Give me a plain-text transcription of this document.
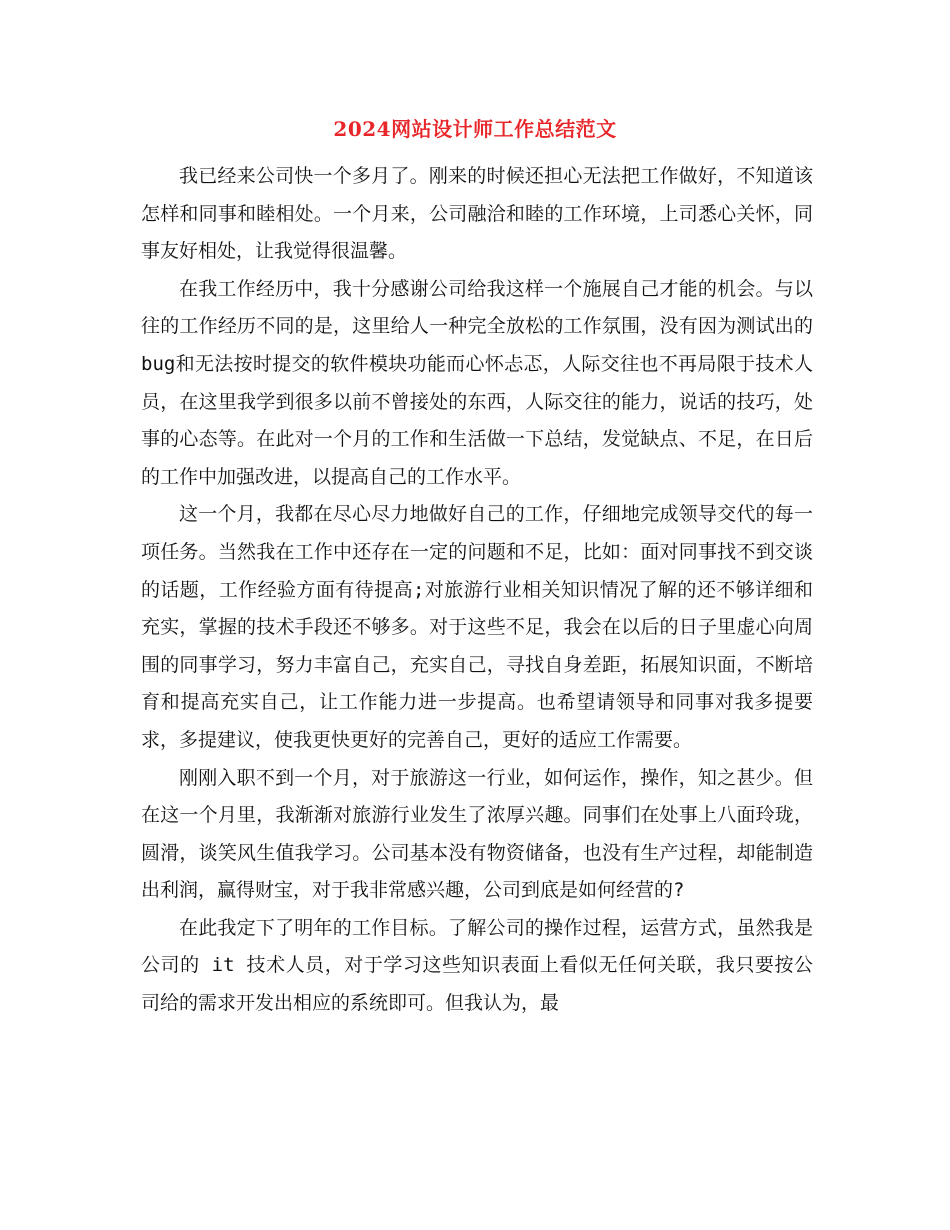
2024网站设计师工作总结范文

我已经来公司快一个多月了。刚来的时候还担心无法把工作做好，不知道该怎样和同事和睦相处。一个月来，公司融洽和睦的工作环境，上司悉心关怀，同事友好相处，让我觉得很温馨。

在我工作经历中，我十分感谢公司给我这样一个施展自己才能的机会。与以往的工作经历不同的是，这里给人一种完全放松的工作氛围，没有因为测试出的bug和无法按时提交的软件模块功能而心怀忐忑，人际交往也不再局限于技术人员，在这里我学到很多以前不曾接处的东西，人际交往的能力，说话的技巧，处事的心态等。在此对一个月的工作和生活做一下总结，发觉缺点、不足，在日后的工作中加强改进，以提高自己的工作水平。

这一个月，我都在尽心尽力地做好自己的工作，仔细地完成领导交代的每一项任务。当然我在工作中还存在一定的问题和不足，比如：面对同事找不到交谈的话题，工作经验方面有待提高;对旅游行业相关知识情况了解的还不够详细和充实，掌握的技术手段还不够多。对于这些不足，我会在以后的日子里虚心向周围的同事学习，努力丰富自己，充实自己，寻找自身差距，拓展知识面，不断培育和提高充实自己，让工作能力进一步提高。也希望请领导和同事对我多提要求，多提建议，使我更快更好的完善自己，更好的适应工作需要。

刚刚入职不到一个月，对于旅游这一行业，如何运作，操作，知之甚少。但在这一个月里，我渐渐对旅游行业发生了浓厚兴趣。同事们在处事上八面玲珑，圆滑，谈笑风生值我学习。公司基本没有物资储备，也没有生产过程，却能制造出利润，赢得财宝，对于我非常感兴趣，公司到底是如何经营的?

在此我定下了明年的工作目标。了解公司的操作过程，运营方式，虽然我是公司的 it 技术人员，对于学习这些知识表面上看似无任何关联，我只要按公司给的需求开发出相应的系统即可。但我认为，最
